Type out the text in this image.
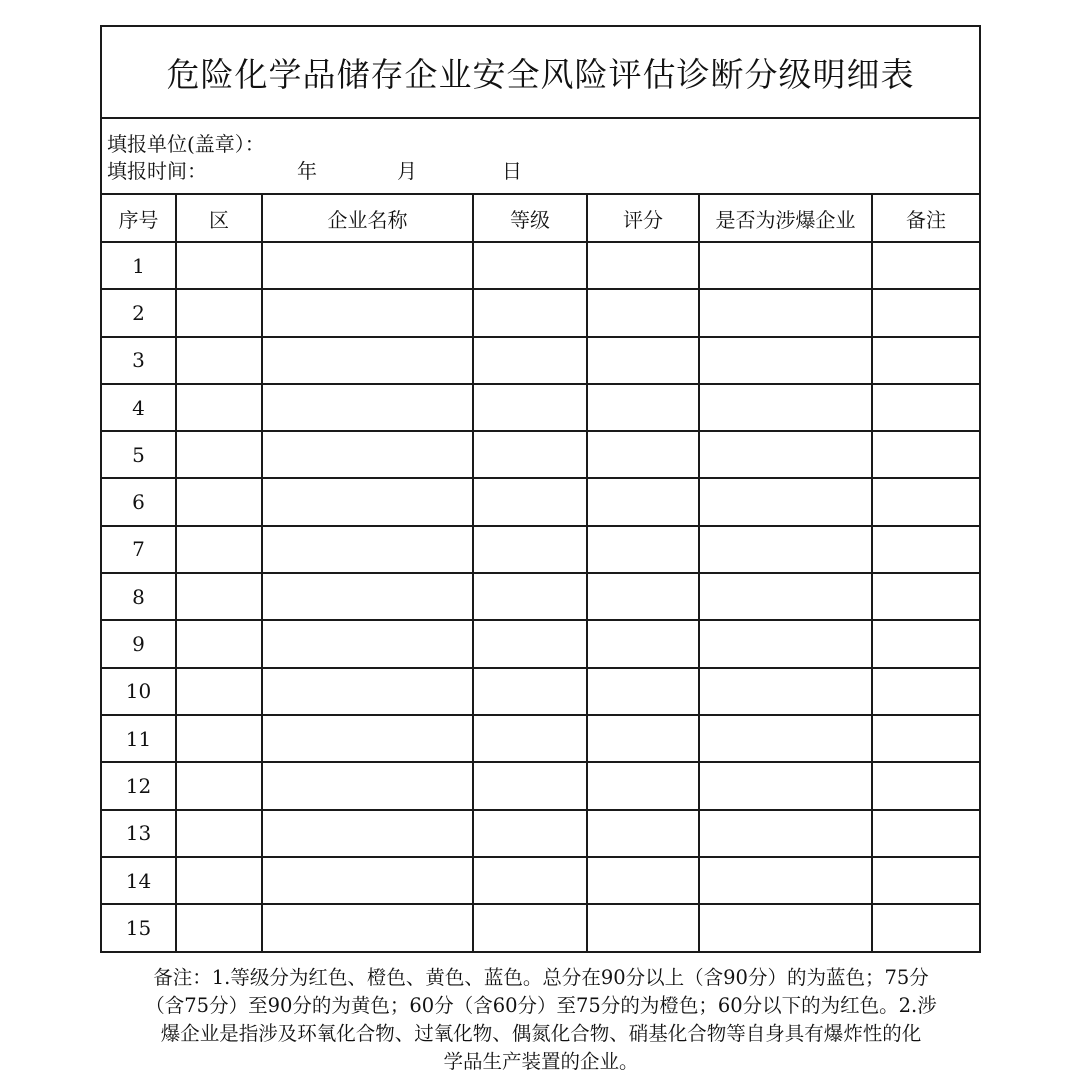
危险化学品储存企业安全风险评估诊断分级明细表
填报单位(盖章）：
填报时间：	年	月	日
序号	区	企业名称	等级	评分	是否为涉爆企业	备注
1						
2						
3						
4						
5						
6						
7						
8						
9						
10						
11						
12						
13						
14						
15						
备注：1.等级分为红色、橙色、黄色、蓝色。总分在90分以上（含90分）的为蓝色；75分
（含75分）至90分的为黄色；60分（含60分）至75分的为橙色；60分以下的为红色。2.涉
爆企业是指涉及环氧化合物、过氧化物、偶氮化合物、硝基化合物等自身具有爆炸性的化
学品生产装置的企业。
